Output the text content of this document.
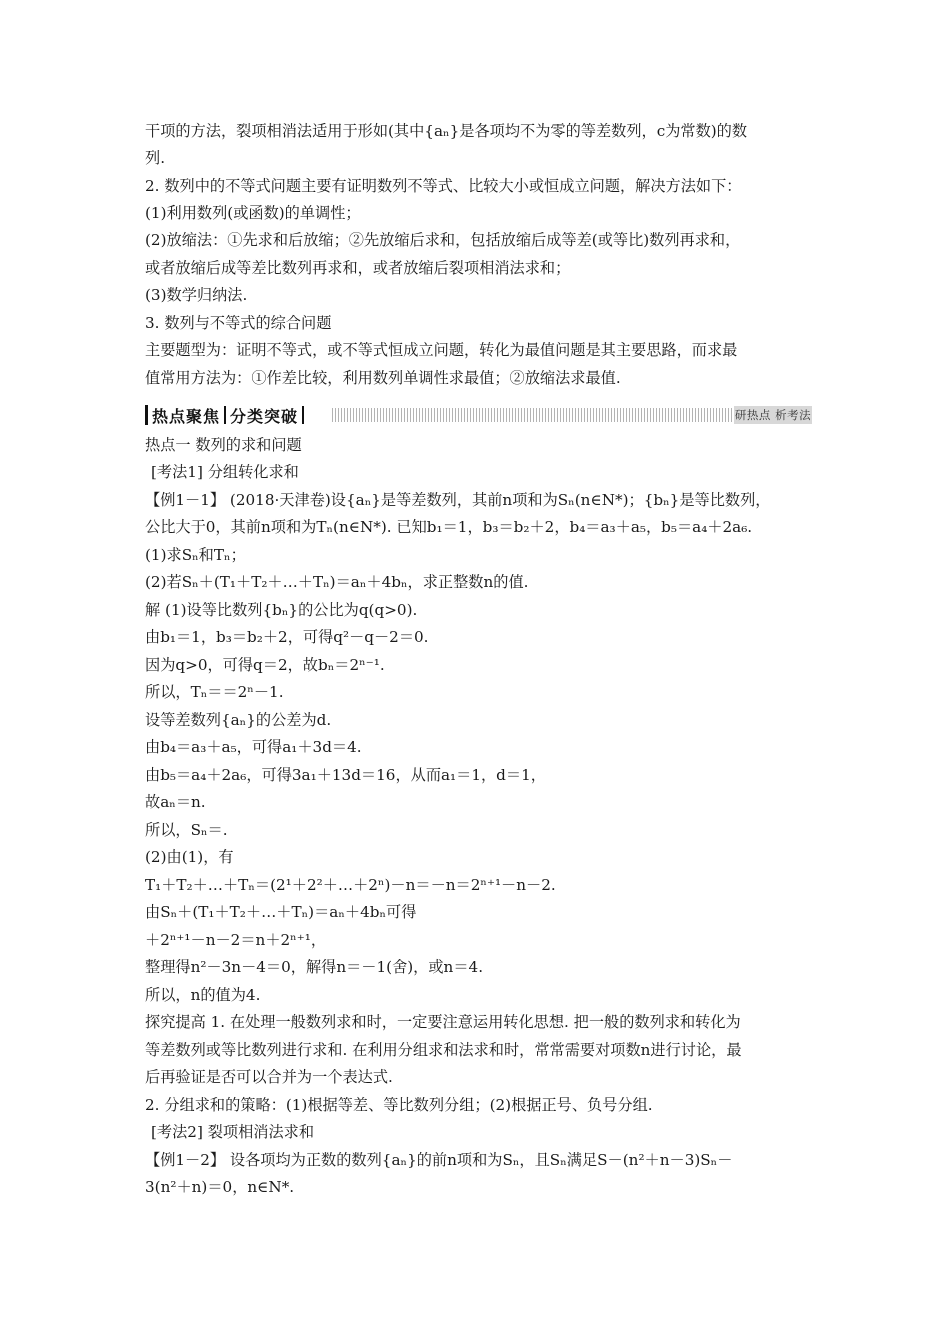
干项的方法，裂项相消法适用于形如(其中{aₙ}是各项均不为零的等差数列，c为常数)的数
列.
2. 数列中的不等式问题主要有证明数列不等式、比较大小或恒成立问题，解决方法如下：
(1)利用数列(或函数)的单调性；
(2)放缩法：①先求和后放缩；②先放缩后求和，包括放缩后成等差(或等比)数列再求和，
或者放缩后成等差比数列再求和，或者放缩后裂项相消法求和；
(3)数学归纳法.
3. 数列与不等式的综合问题
主要题型为：证明不等式，或不等式恒成立问题，转化为最值问题是其主要思路，而求最
值常用方法为：①作差比较，利用数列单调性求最值；②放缩法求最值.
热点聚焦 分类突破	研热点 析考法
热点一 数列的求和问题
[考法1] 分组转化求和
【例1－1】 (2018·天津卷)设{aₙ}是等差数列，其前n项和为Sₙ(n∈N*)；{bₙ}是等比数列，
公比大于0，其前n项和为Tₙ(n∈N*). 已知b₁＝1，b₃＝b₂＋2，b₄＝a₃＋a₅，b₅＝a₄＋2a₆.
(1)求Sₙ和Tₙ；
(2)若Sₙ＋(T₁＋T₂＋…＋Tₙ)＝aₙ＋4bₙ，求正整数n的值.
解 (1)设等比数列{bₙ}的公比为q(q>0).
由b₁＝1，b₃＝b₂＋2，可得q²－q－2＝0.
因为q>0，可得q＝2，故bₙ＝2ⁿ⁻¹.
所以，Tₙ＝＝2ⁿ－1.
设等差数列{aₙ}的公差为d.
由b₄＝a₃＋a₅，可得a₁＋3d＝4.
由b₅＝a₄＋2a₆，可得3a₁＋13d＝16，从而a₁＝1，d＝1，
故aₙ＝n.
所以，Sₙ＝.
(2)由(1)，有
T₁＋T₂＋…＋Tₙ＝(2¹＋2²＋…＋2ⁿ)－n＝－n＝2ⁿ⁺¹－n－2.
由Sₙ＋(T₁＋T₂＋…＋Tₙ)＝aₙ＋4bₙ可得
＋2ⁿ⁺¹－n－2＝n＋2ⁿ⁺¹，
整理得n²－3n－4＝0，解得n＝－1(舍)，或n＝4.
所以，n的值为4.
探究提高 1. 在处理一般数列求和时，一定要注意运用转化思想. 把一般的数列求和转化为
等差数列或等比数列进行求和. 在利用分组求和法求和时，常常需要对项数n进行讨论，最
后再验证是否可以合并为一个表达式.
2. 分组求和的策略：(1)根据等差、等比数列分组；(2)根据正号、负号分组.
[考法2] 裂项相消法求和
【例1－2】 设各项均为正数的数列{aₙ}的前n项和为Sₙ，且Sₙ满足S－(n²＋n－3)Sₙ－
3(n²＋n)＝0，n∈N*.
